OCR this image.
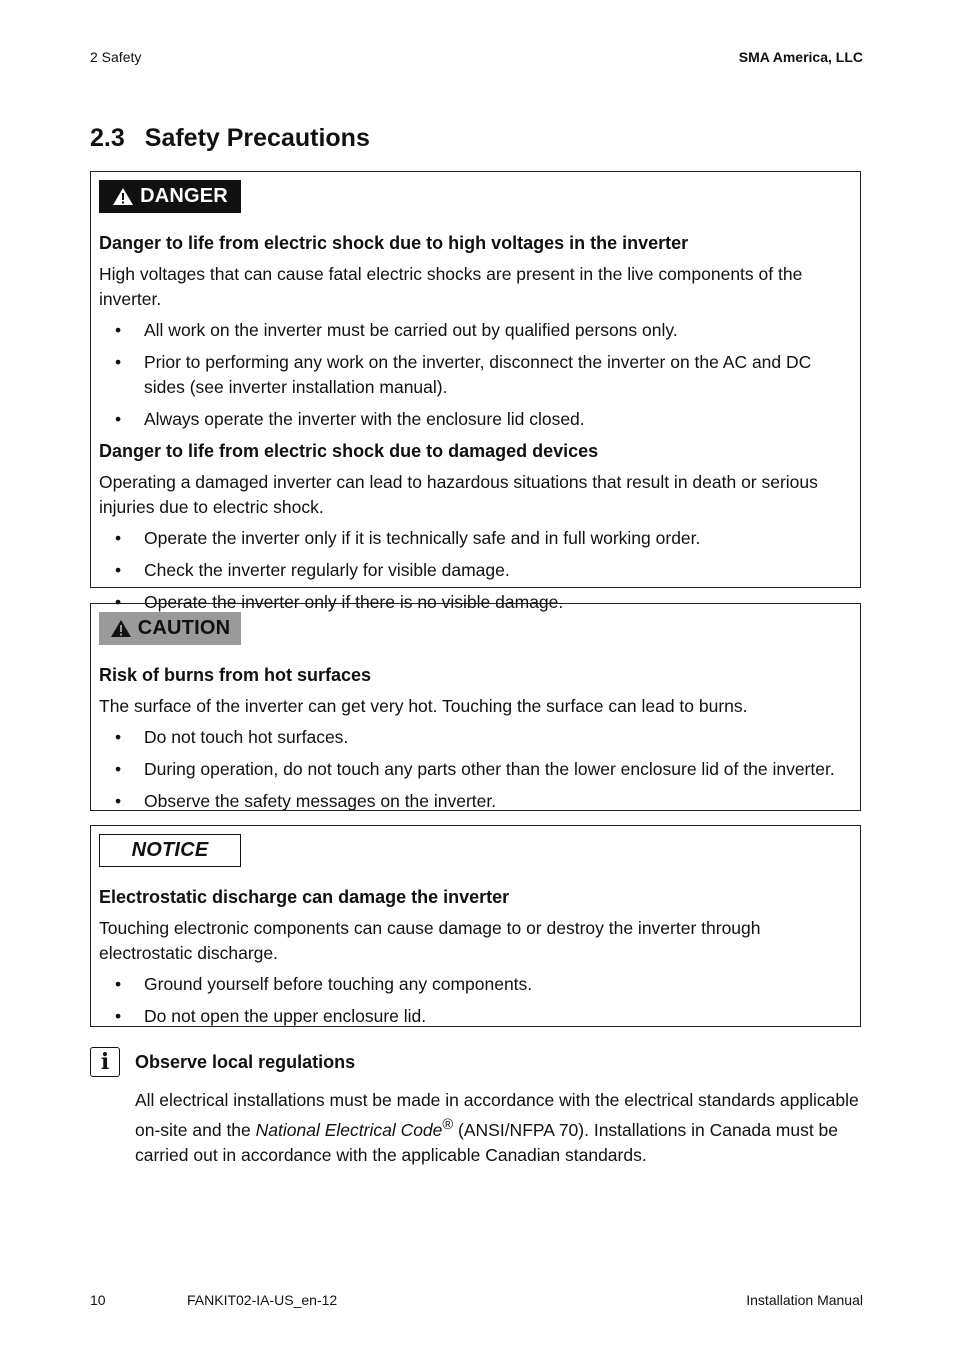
2 Safety	SMA America, LLC
2.3 Safety Precautions
DANGER
Danger to life from electric shock due to high voltages in the inverter

High voltages that can cause fatal electric shocks are present in the live components of the inverter.

• All work on the inverter must be carried out by qualified persons only.
• Prior to performing any work on the inverter, disconnect the inverter on the AC and DC sides (see inverter installation manual).
• Always operate the inverter with the enclosure lid closed.
Danger to life from electric shock due to damaged devices

Operating a damaged inverter can lead to hazardous situations that result in death or serious injuries due to electric shock.

• Operate the inverter only if it is technically safe and in full working order.
• Check the inverter regularly for visible damage.
• Operate the inverter only if there is no visible damage.
CAUTION
Risk of burns from hot surfaces

The surface of the inverter can get very hot. Touching the surface can lead to burns.

• Do not touch hot surfaces.
• During operation, do not touch any parts other than the lower enclosure lid of the inverter.
• Observe the safety messages on the inverter.
NOTICE
Electrostatic discharge can damage the inverter

Touching electronic components can cause damage to or destroy the inverter through electrostatic discharge.

• Ground yourself before touching any components.
• Do not open the upper enclosure lid.
i	Observe local regulations

All electrical installations must be made in accordance with the electrical standards applicable on-site and the National Electrical Code® (ANSI/NFPA 70). Installations in Canada must be carried out in accordance with the applicable Canadian standards.

10	FANKIT02-IA-US_en-12	Installation Manual
